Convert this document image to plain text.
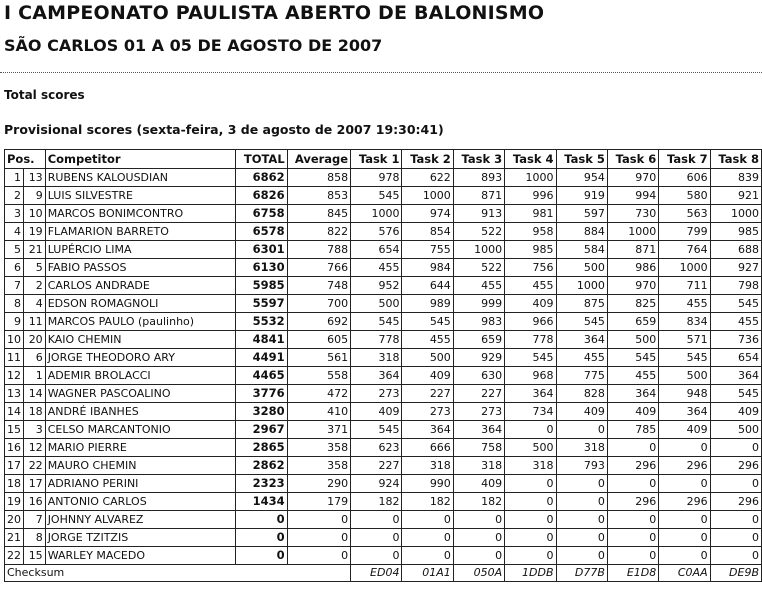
I CAMPEONATO PAULISTA ABERTO DE BALONISMO
SÃO CARLOS 01 A 05 DE AGOSTO DE 2007
Total scores
Provisional scores (sexta-feira, 3 de agosto de 2007 19:30:41)
Pos.		Competitor	TOTAL	Average	Task 1	Task 2	Task 3	Task 4	Task 5	Task 6	Task 7	Task 8
1	13	RUBENS KALOUSDIAN	6862	858	978	622	893	1000	954	970	606	839
2	9	LUIS SILVESTRE	6826	853	545	1000	871	996	919	994	580	921
3	10	MARCOS BONIMCONTRO	6758	845	1000	974	913	981	597	730	563	1000
4	19	FLAMARION BARRETO	6578	822	576	854	522	958	884	1000	799	985
5	21	LUPÉRCIO LIMA	6301	788	654	755	1000	985	584	871	764	688
6	5	FABIO PASSOS	6130	766	455	984	522	756	500	986	1000	927
7	2	CARLOS ANDRADE	5985	748	952	644	455	455	1000	970	711	798
8	4	EDSON ROMAGNOLI	5597	700	500	989	999	409	875	825	455	545
9	11	MARCOS PAULO (paulinho)	5532	692	545	545	983	966	545	659	834	455
10	20	KAIO CHEMIN	4841	605	778	455	659	778	364	500	571	736
11	6	JORGE THEODORO ARY	4491	561	318	500	929	545	455	545	545	654
12	1	ADEMIR BROLACCI	4465	558	364	409	630	968	775	455	500	364
13	14	WAGNER PASCOALINO	3776	472	273	227	227	364	828	364	948	545
14	18	ANDRÉ IBANHES	3280	410	409	273	273	734	409	409	364	409
15	3	CELSO MARCANTONIO	2967	371	545	364	364	0	0	785	409	500
16	12	MARIO PIERRE	2865	358	623	666	758	500	318	0	0	0
17	22	MAURO CHEMIN	2862	358	227	318	318	318	793	296	296	296
18	17	ADRIANO PERINI	2323	290	924	990	409	0	0	0	0	0
19	16	ANTONIO CARLOS	1434	179	182	182	182	0	0	296	296	296
20	7	JOHNNY ALVAREZ	0	0	0	0	0	0	0	0	0	0
21	8	JORGE TZITZIS	0	0	0	0	0	0	0	0	0	0
22	15	WARLEY MACEDO	0	0	0	0	0	0	0	0	0	0
Checksum					ED04	01A1	050A	1DDB	D77B	E1D8	C0AA	DE9B
